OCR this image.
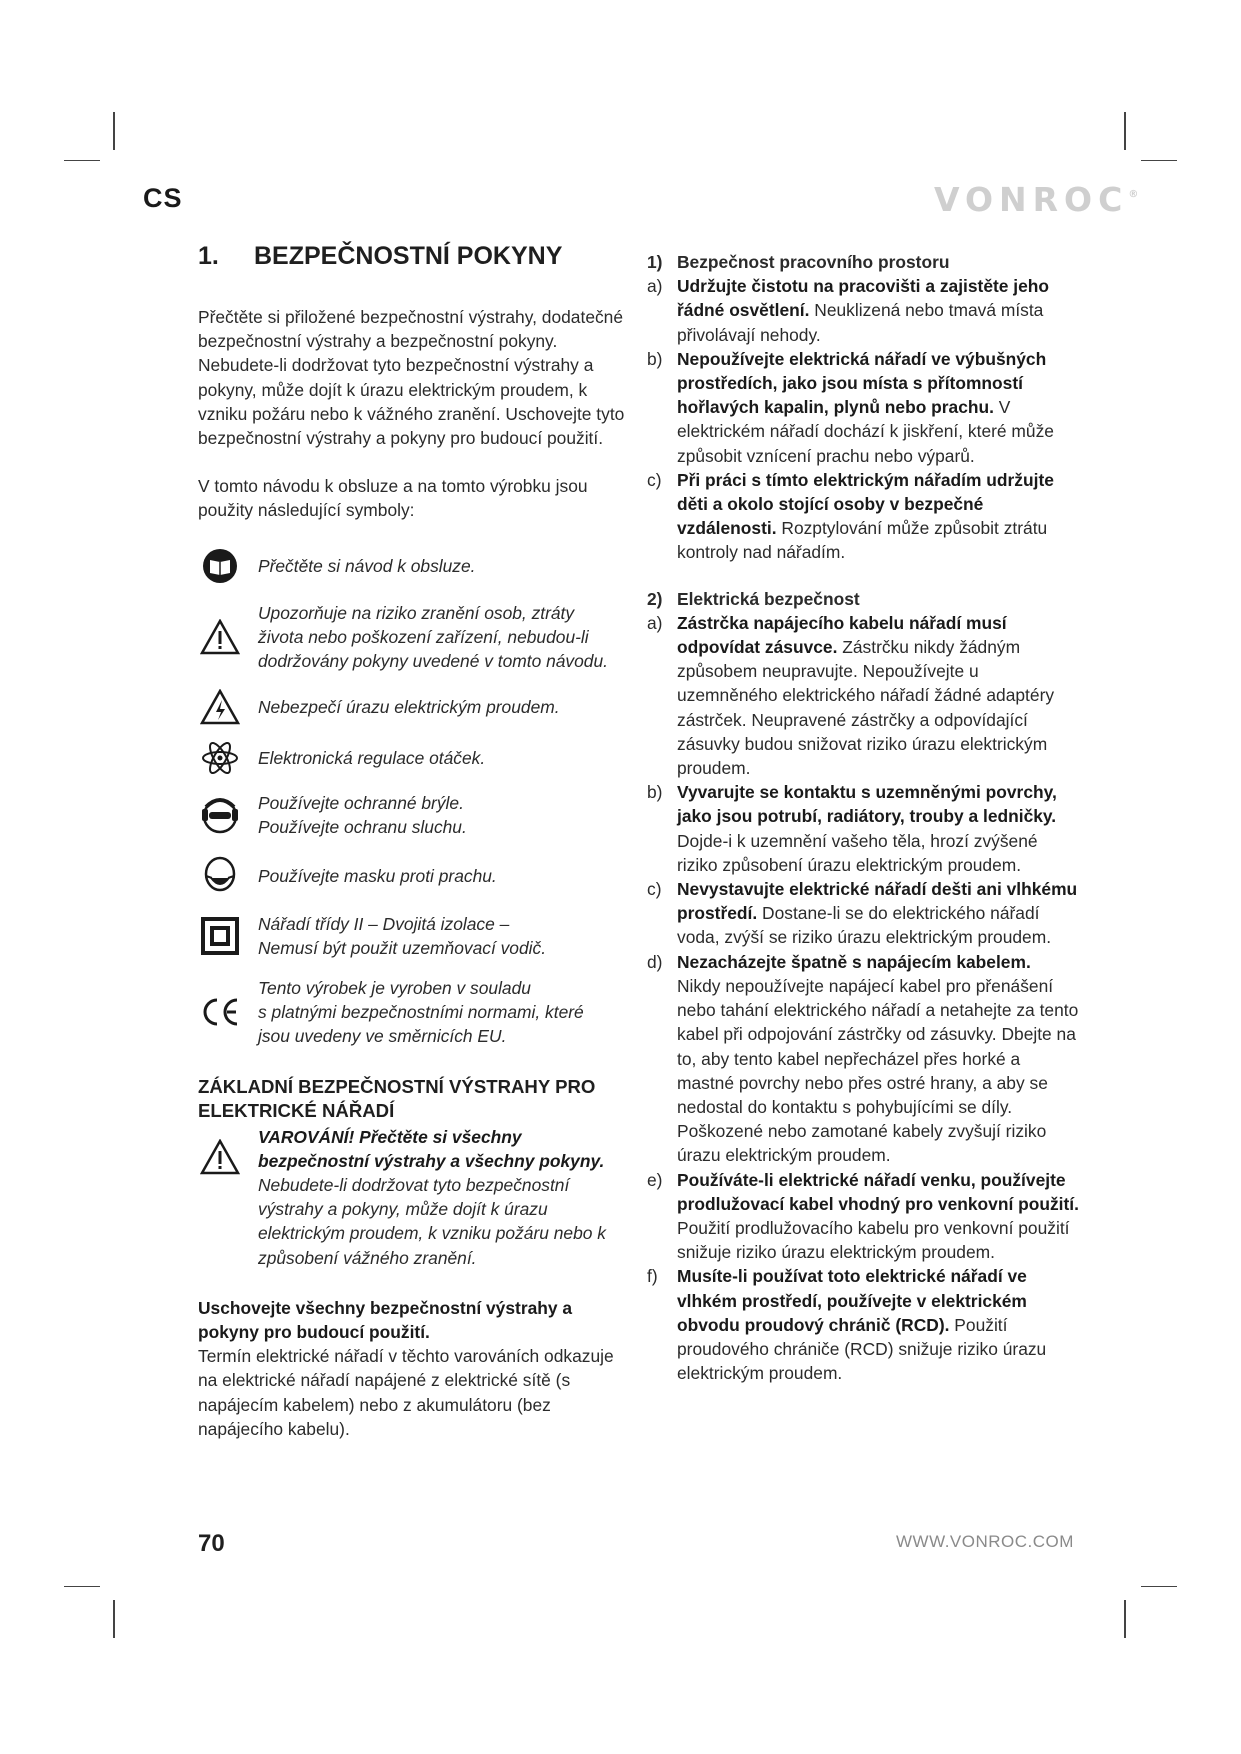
CS	VONROC®
1. BEZPEČNOSTNÍ POKYNY

Přečtěte si přiložené bezpečnostní výstrahy, dodatečné bezpečnostní výstrahy a bezpečnostní pokyny. Nebudete-li dodržovat tyto bezpečnostní výstrahy a pokyny, může dojít k úrazu elektrickým proudem, k vzniku požáru nebo k vážného zranění. Uschovejte tyto bezpečnostní výstrahy a pokyny pro budoucí použití.

V tomto návodu k obsluze a na tomto výrobku jsou použity následující symboly:

Přečtěte si návod k obsluze.
Upozorňuje na riziko zranění osob, ztráty
života nebo poškození zařízení, nebudou-li
dodržovány pokyny uvedené v tomto návodu.
Nebezpečí úrazu elektrickým proudem.
Elektronická regulace otáček.
Používejte ochranné brýle.
Používejte ochranu sluchu.
Používejte masku proti prachu.
Nářadí třídy II – Dvojitá izolace –
Nemusí být použit uzemňovací vodič.
Tento výrobek je vyroben v souladu
s platnými bezpečnostními normami, které
jsou uvedeny ve směrnicích EU.
ZÁKLADNÍ BEZPEČNOSTNÍ VÝSTRAHY PRO ELEKTRICKÉ NÁŘADÍ

VAROVÁNÍ! Přečtěte si všechny bezpečnostní výstrahy a všechny pokyny. Nebudete-li dodržovat tyto bezpečnostní výstrahy a pokyny, může dojít k úrazu elektrickým proudem, k vzniku požáru nebo k způsobení vážného zranění.

Uschovejte všechny bezpečnostní výstrahy a pokyny pro budoucí použití.

Termín elektrické nářadí v těchto varováních odkazuje na elektrické nářadí napájené z elektrické sítě (s napájecím kabelem) nebo z akumulátoru (bez napájecího kabelu).

1) Bezpečnost pracovního prostoru
a) Udržujte čistotu na pracovišti a zajistěte jeho řádné osvětlení. Neuklizená nebo tmavá místa přivolávají nehody.
b) Nepoužívejte elektrická nářadí ve výbušných prostředích, jako jsou místa s přítomností hořlavých kapalin, plynů nebo prachu. V elektrickém nářadí dochází k jiskření, které může způsobit vznícení prachu nebo výparů.
c) Při práci s tímto elektrickým nářadím udržujte děti a okolo stojící osoby v bezpečné vzdálenosti. Rozptylování může způsobit ztrátu kontroly nad nářadím.
2) Elektrická bezpečnost
a) Zástrčka napájecího kabelu nářadí musí odpovídat zásuvce. Zástrčku nikdy žádným způsobem neupravujte. Nepoužívejte u uzemněného elektrického nářadí žádné adaptéry zástrček. Neupravené zástrčky a odpovídající zásuvky budou snižovat riziko úrazu elektrickým proudem.
b) Vyvarujte se kontaktu s uzemněnými povrchy, jako jsou potrubí, radiátory, trouby a ledničky. Dojde-i k uzemnění vašeho těla, hrozí zvýšené riziko způsobení úrazu elektrickým proudem.
c) Nevystavujte elektrické nářadí dešti ani vlhkému prostředí. Dostane-li se do elektrického nářadí voda, zvýší se riziko úrazu elektrickým proudem.
d) Nezacházejte špatně s napájecím kabelem. Nikdy nepoužívejte napájecí kabel pro přenášení nebo tahání elektrického nářadí a netahejte za tento kabel při odpojování zástrčky od zásuvky. Dbejte na to, aby tento kabel nepřecházel přes horké a mastné povrchy nebo přes ostré hrany, a aby se nedostal do kontaktu s pohybujícími se díly. Poškozené nebo zamotané kabely zvyšují riziko úrazu elektrickým proudem.
e) Používáte-li elektrické nářadí venku, používejte prodlužovací kabel vhodný pro venkovní použití. Použití prodlužovacího kabelu pro venkovní použití snižuje riziko úrazu elektrickým proudem.
f)	Musíte-li používat toto elektrické nářadí ve vlhkém prostředí, používejte v elektrickém obvodu proudový chránič (RCD). Použití proudového chrániče (RCD) snižuje riziko úrazu elektrickým proudem.
70	WWW.VONROC.COM
